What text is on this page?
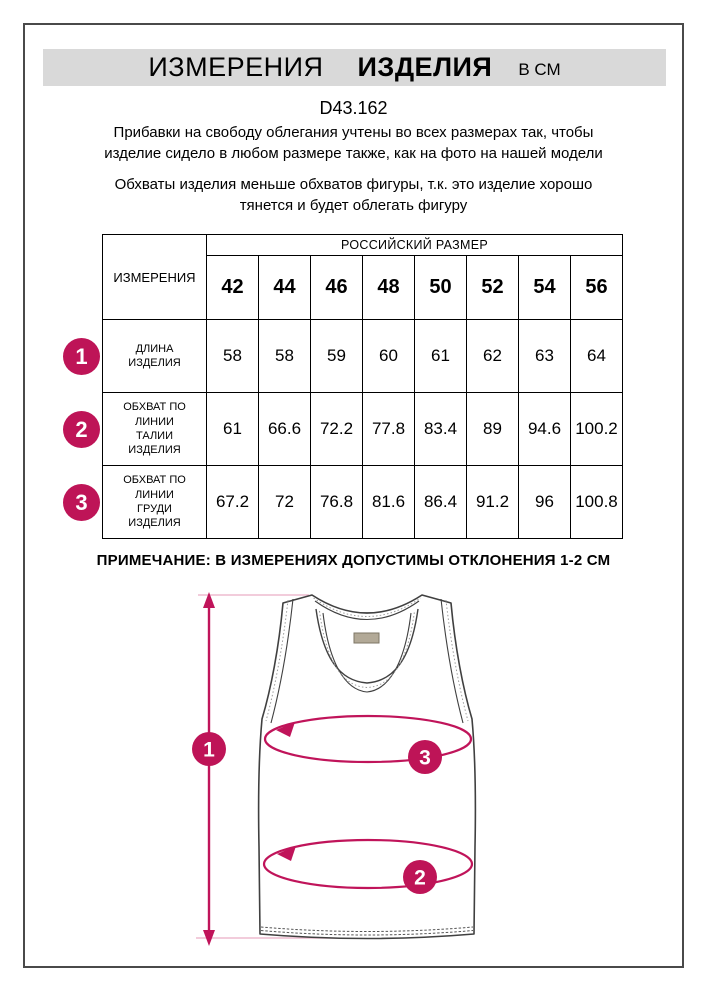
ИЗМЕРЕНИЯ ИЗДЕЛИЯ В СМ
D43.162

Прибавки на свободу облегания учтены во всех размерах так, чтобы изделие сидело в любом размере также, как на фото на нашей модели

Обхваты изделия меньше обхватов фигуры, т.к. это изделие хорошо тянется и будет облегать фигуру

ИЗМЕРЕНИЯ	РОССИЙСКИЙ РАЗМЕР							
	42	44	46	48	50	52	54	56
ДЛИНА ИЗДЕЛИЯ	58	58	59	60	61	62	63	64
ОБХВАТ ПО ЛИНИИ ТАЛИИ ИЗДЕЛИЯ	61	66.6	72.2	77.8	83.4	89	94.6	100.2
ОБХВАТ ПО ЛИНИИ ГРУДИ ИЗДЕЛИЯ	67.2	72	76.8	81.6	86.4	91.2	96	100.8
1
2
3
ПРИМЕЧАНИЕ: В ИЗМЕРЕНИЯХ ДОПУСТИМЫ ОТКЛОНЕНИЯ 1-2 СМ
1	3
2
